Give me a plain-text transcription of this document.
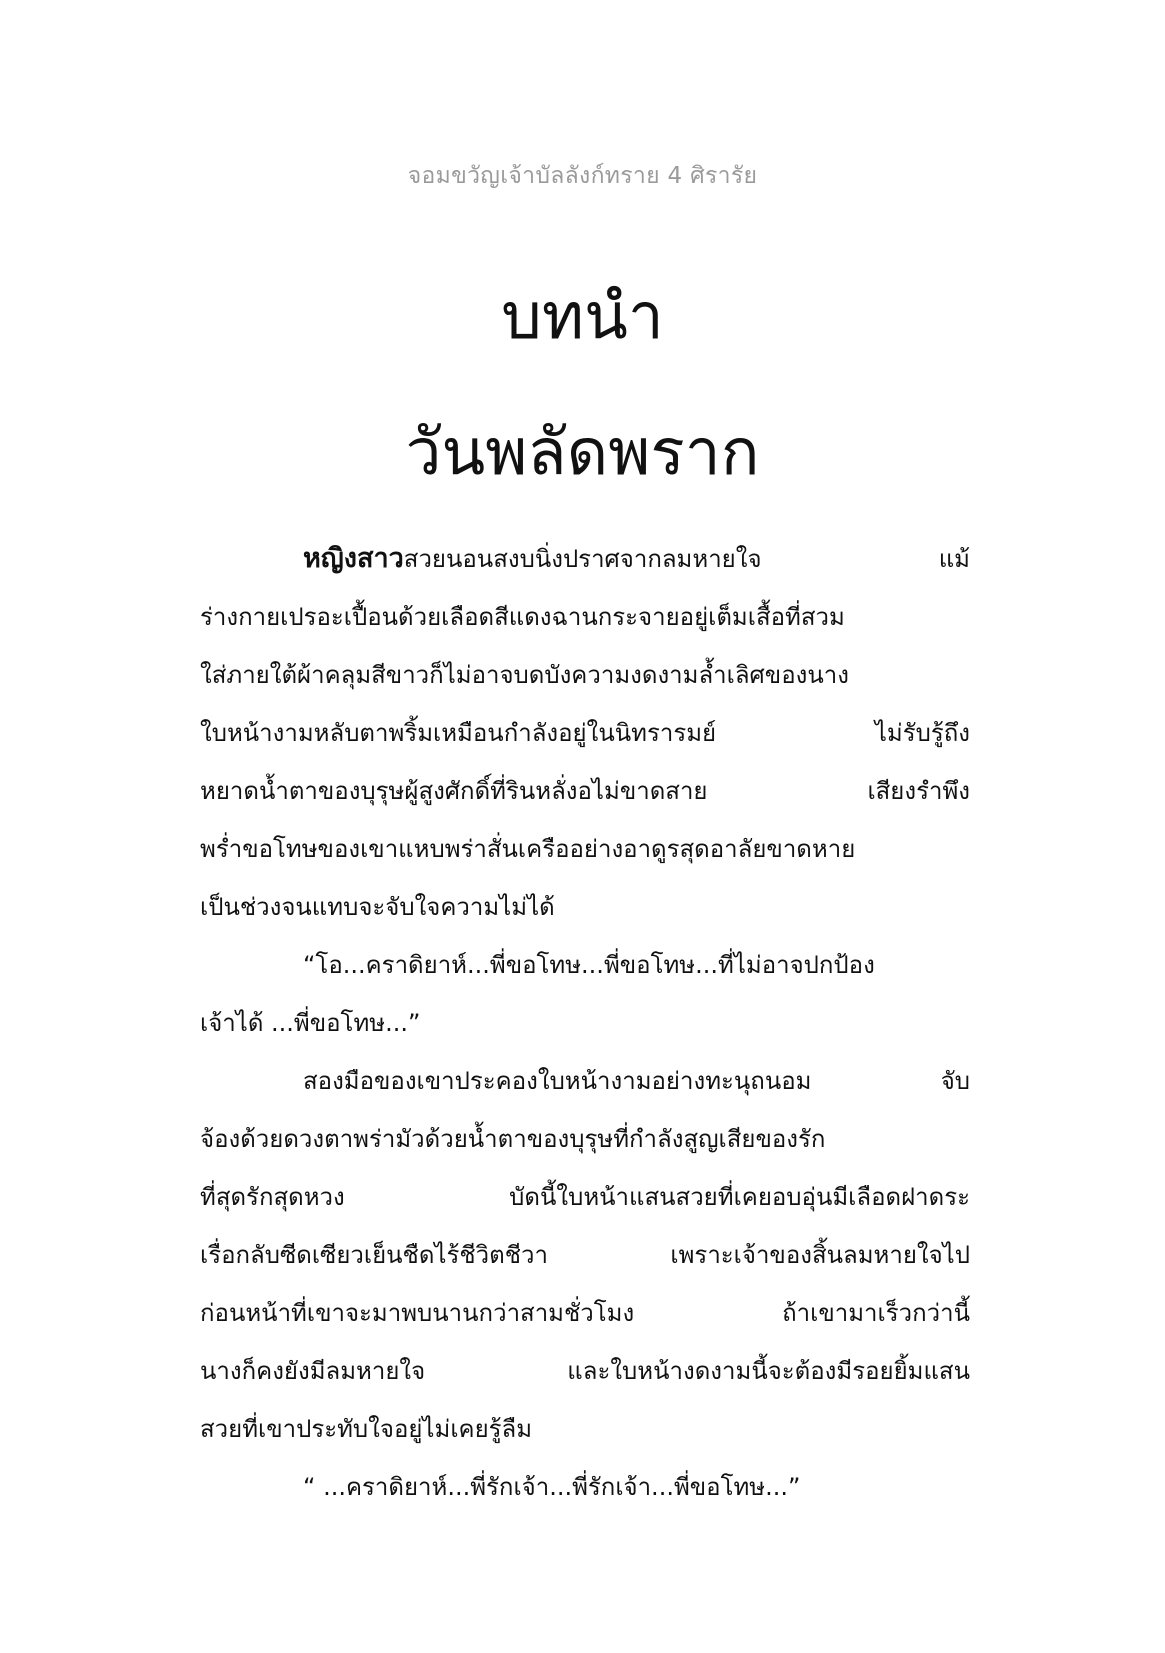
จอมขวัญเจ้าบัลลังก์ทราย 4 ศิรารัย
บทนำ
วันพลัดพราก
หญิงสาวสวยนอนสงบนิ่งปราศจากลมหายใจ แม้
ร่างกายเปรอะเปื้อนด้วยเลือดสีแดงฉานกระจายอยู่เต็มเสื้อที่สวม
ใส่ภายใต้ผ้าคลุมสีขาวก็ไม่อาจบดบังความงดงามล้ำเลิศของนาง
ใบหน้างามหลับตาพริ้มเหมือนกำลังอยู่ในนิทรารมย์ ไม่รับรู้ถึง
หยาดน้ำตาของบุรุษผู้สูงศักดิ์ที่รินหลั่งอไม่ขาดสาย เสียงรำพึง
พร่ำขอโทษของเขาแหบพร่าสั่นเครืออย่างอาดูรสุดอาลัยขาดหาย
เป็นช่วงจนแทบจะจับใจความไม่ได้
“โอ...คราดิยาห์...พี่ขอโทษ...พี่ขอโทษ...ที่ไม่อาจปกป้อง
เจ้าได้ ...พี่ขอโทษ...”
สองมือของเขาประคองใบหน้างามอย่างทะนุถนอม จับ
จ้องด้วยดวงตาพร่ามัวด้วยน้ำตาของบุรุษที่กำลังสูญเสียของรัก
ที่สุดรักสุดหวง บัดนี้ใบหน้าแสนสวยที่เคยอบอุ่นมีเลือดฝาดระ
เรื่อกลับซีดเซียวเย็นชืดไร้ชีวิตชีวา เพราะเจ้าของสิ้นลมหายใจไป
ก่อนหน้าที่เขาจะมาพบนานกว่าสามชั่วโมง ถ้าเขามาเร็วกว่านี้
นางก็คงยังมีลมหายใจ และใบหน้างดงามนี้จะต้องมีรอยยิ้มแสน
สวยที่เขาประทับใจอยู่ไม่เคยรู้ลืม
“ ...คราดิยาห์...พี่รักเจ้า...พี่รักเจ้า...พี่ขอโทษ...”
